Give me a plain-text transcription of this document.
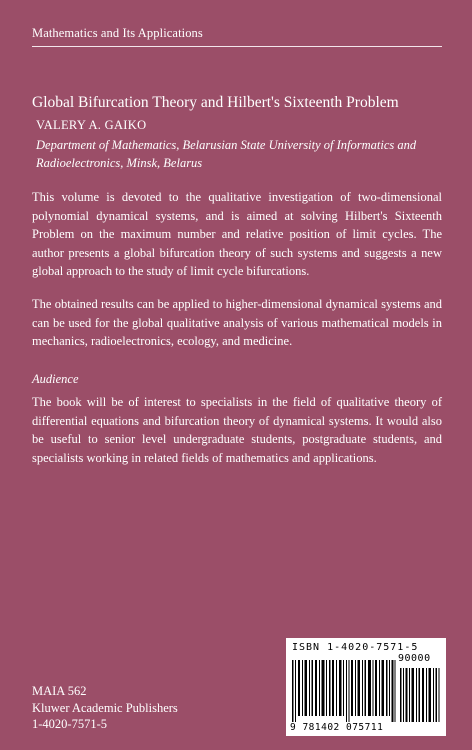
Mathematics and Its Applications
Global Bifurcation Theory and Hilbert's Sixteenth Problem
VALERY A. GAIKO
Department of Mathematics, Belarusian State University of Informatics and
Radioelectronics, Minsk, Belarus
This volume is devoted to the qualitative investigation of two-dimensional polynomial dynamical systems, and is aimed at solving Hilbert's Sixteenth Problem on the maximum number and relative position of limit cycles. The author presents a global bifurcation theory of such systems and suggests a new global approach to the study of limit cycle bifurcations.
The obtained results can be applied to higher-dimensional dynamical systems and can be used for the global qualitative analysis of various mathematical models in mechanics, radioelectronics, ecology, and medicine.
Audience
The book will be of interest to specialists in the field of qualitative theory of differential equations and bifurcation theory of dynamical systems. It would also be useful to senior level undergraduate students, postgraduate students, and specialists working in related fields of mathematics and applications.
MAIA 562
Kluwer Academic Publishers
1-4020-7571-5
ISBN 1-4020-7571-5
90000
9 781402 075711
